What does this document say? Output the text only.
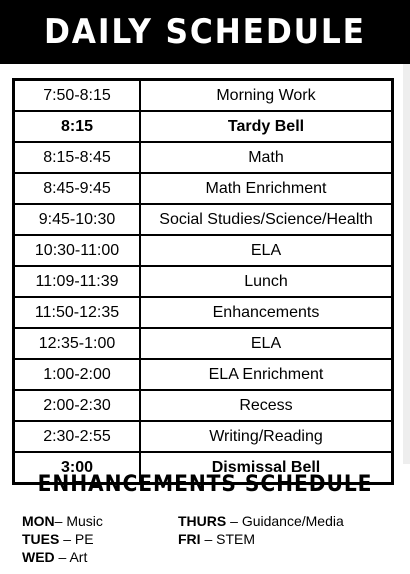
DAILY SCHEDULE
7:50-8:15	Morning Work
8:15	Tardy Bell
8:15-8:45	Math
8:45-9:45	Math Enrichment
9:45-10:30	Social Studies/Science/Health
10:30-11:00	ELA
11:09-11:39	Lunch
11:50-12:35	Enhancements
12:35-1:00	ELA
1:00-2:00	ELA Enrichment
2:00-2:30	Recess
2:30-2:55	Writing/Reading
3:00	Dismissal Bell
ENHANCEMENTS SCHEDULE
MON– Music
TUES – PE
WED – Art
THURS – Guidance/Media
FRI – STEM
